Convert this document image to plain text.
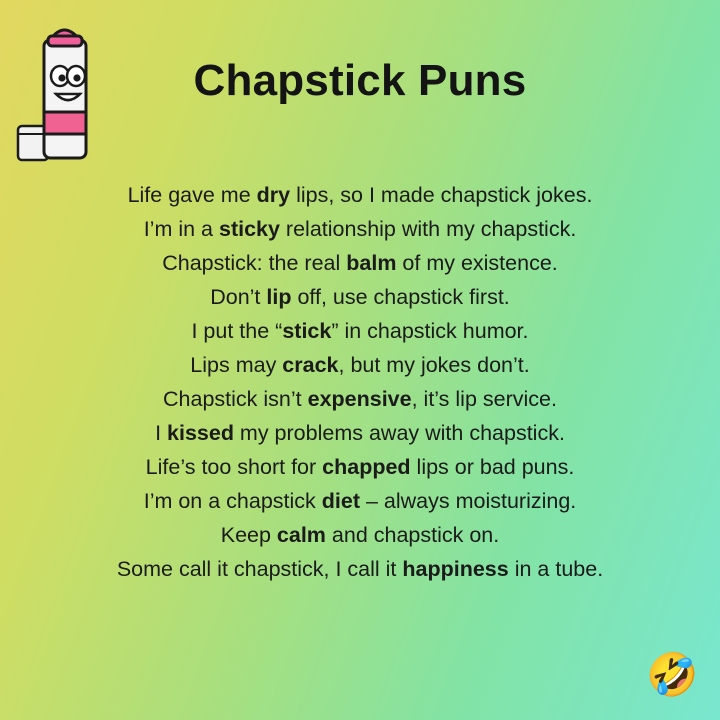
Chapstick Puns
Life gave me dry lips, so I made chapstick jokes.
I’m in a sticky relationship with my chapstick.
Chapstick: the real balm of my existence.
Don’t lip off, use chapstick first.
I put the “stick” in chapstick humor.
Lips may crack, but my jokes don’t.
Chapstick isn’t expensive, it’s lip service.
I kissed my problems away with chapstick.
Life’s too short for chapped lips or bad puns.
I’m on a chapstick diet – always moisturizing.
Keep calm and chapstick on.
Some call it chapstick, I call it happiness in a tube.
🤣
